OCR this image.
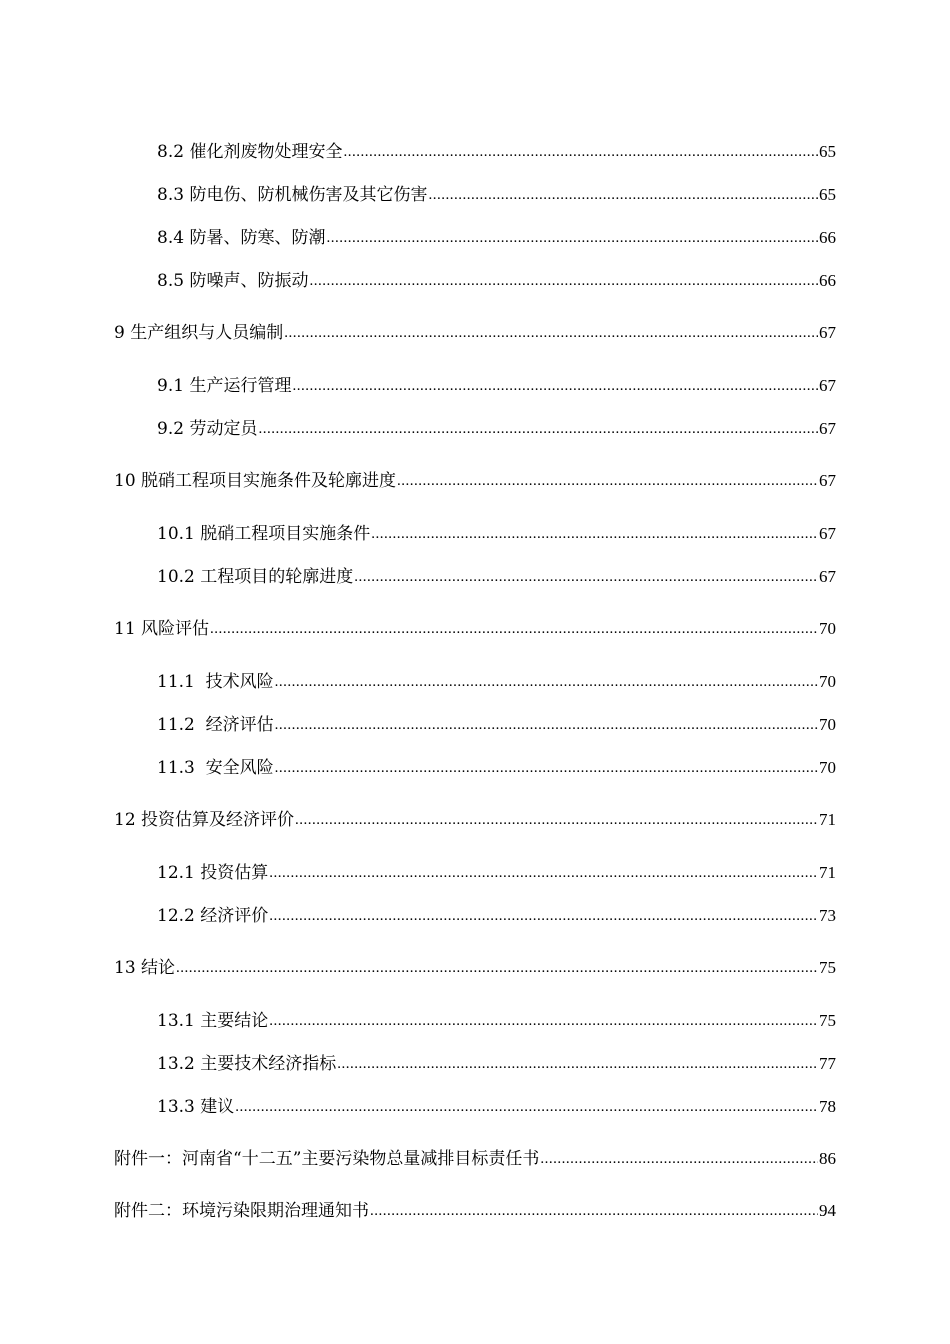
8.2 催化剂废物处理安全 .....	65
8.3 防电伤、防机械伤害及其它伤害 .....	65
8.4 防暑、防寒、防潮 .....	66
8.5 防噪声、防振动 .....	66
9 生产组织与人员编制 .....	67
9.1 生产运行管理 .....	67
9.2 劳动定员 .....	67
10 脱硝工程项目实施条件及轮廓进度 .....	67
10.1 脱硝工程项目实施条件 .....	67
10.2 工程项目的轮廓进度 .....	67
11 风险评估 .....	70
11.1  技术风险 .....	70
11.2  经济评估 .....	70
11.3  安全风险 .....	70
12 投资估算及经济评价 .....	71
12.1 投资估算 .....	71
12.2 经济评价 .....	73
13 结论 .....	75
13.1 主要结论 .....	75
13.2 主要技术经济指标 .....	77
13.3 建议 .....	78
附件一：河南省“十二五”主要污染物总量减排目标责任书 .....	86
附件二：环境污染限期治理通知书 .....	94
